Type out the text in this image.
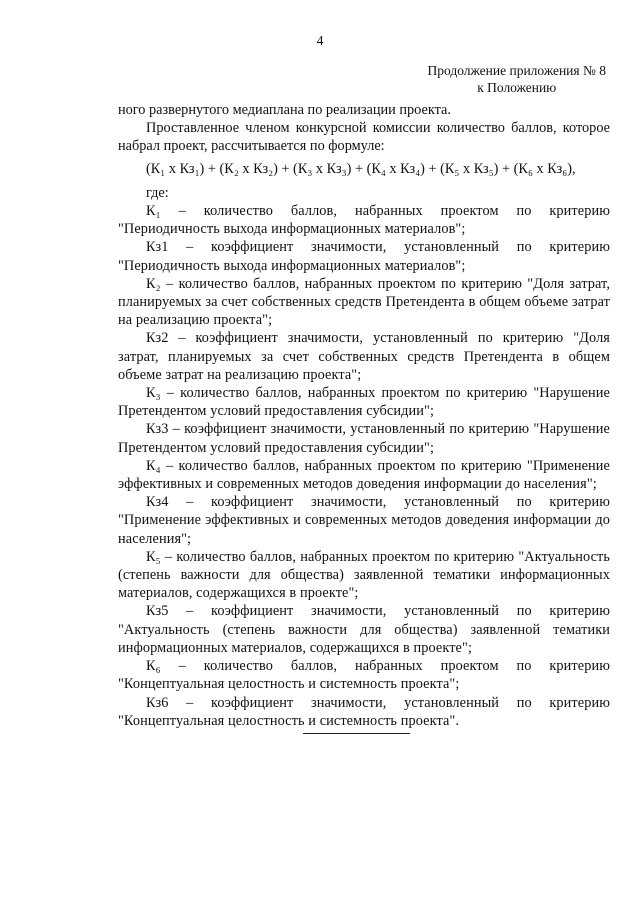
4
Продолжение приложения № 8
к Положению

ного развернутого медиаплана по реализации проекта.

Проставленное членом конкурсной комиссии количество баллов, которое набрал проект, рассчитывается по формуле:

(К₁ х Кз₁) + (К₂ х Кз₂) + (К₃ х Кз₃) + (К₄ х Кз₄) + (К₅ х Кз₅) + (К₆ х Кз₆),

где:

К₁ – количество баллов, набранных проектом по критерию "Периодичность выхода информационных материалов";

Кз1 – коэффициент значимости, установленный по критерию "Периодичность выхода информационных материалов";

К₂ – количество баллов, набранных проектом по критерию "Доля затрат, планируемых за счет собственных средств Претендента в общем объеме затрат на реализацию проекта";

Кз2 – коэффициент значимости, установленный по критерию "Доля затрат, планируемых за счет собственных средств Претендента в общем объеме затрат на реализацию проекта";

К₃ – количество баллов, набранных проектом по критерию "Нарушение Претендентом условий предоставления субсидии";

Кз3 – коэффициент значимости, установленный по критерию "Нарушение Претендентом условий предоставления субсидии";

К₄ – количество баллов, набранных проектом по критерию "Применение эффективных и современных методов доведения информации до населения";

Кз4 – коэффициент значимости, установленный по критерию "Применение эффективных и современных методов доведения информации до населения";

К₅ – количество баллов, набранных проектом по критерию "Актуальность (степень важности для общества) заявленной тематики информационных материалов, содержащихся в проекте";

Кз5 – коэффициент значимости, установленный по критерию "Актуальность (степень важности для общества) заявленной тематики информационных материалов, содержащихся в проекте";

К₆ – количество баллов, набранных проектом по критерию "Концептуальная целостность и системность проекта";

Кз6 – коэффициент значимости, установленный по критерию "Концептуальная целостность и системность проекта".
